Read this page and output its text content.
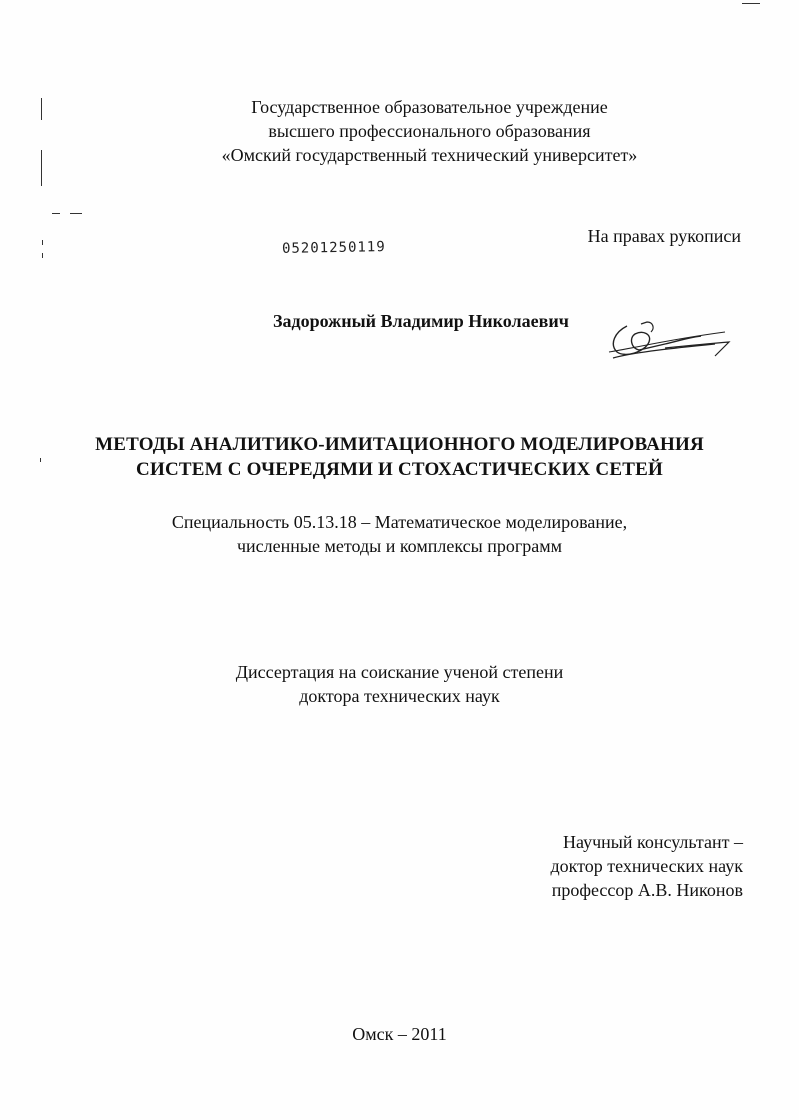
Государственное образовательное учреждение
высшего профессионального образования
«Омский государственный технический университет»
На правах рукописи
05201250119
Задорожный Владимир Николаевич
МЕТОДЫ АНАЛИТИКО-ИМИТАЦИОННОГО МОДЕЛИРОВАНИЯ
СИСТЕМ С ОЧЕРЕДЯМИ И СТОХАСТИЧЕСКИХ СЕТЕЙ
Специальность 05.13.18 – Математическое моделирование,
численные методы и комплексы программ
Диссертация на соискание ученой степени
доктора технических наук
Научный консультант –
доктор технических наук
профессор А.В. Никонов
Омск – 2011
